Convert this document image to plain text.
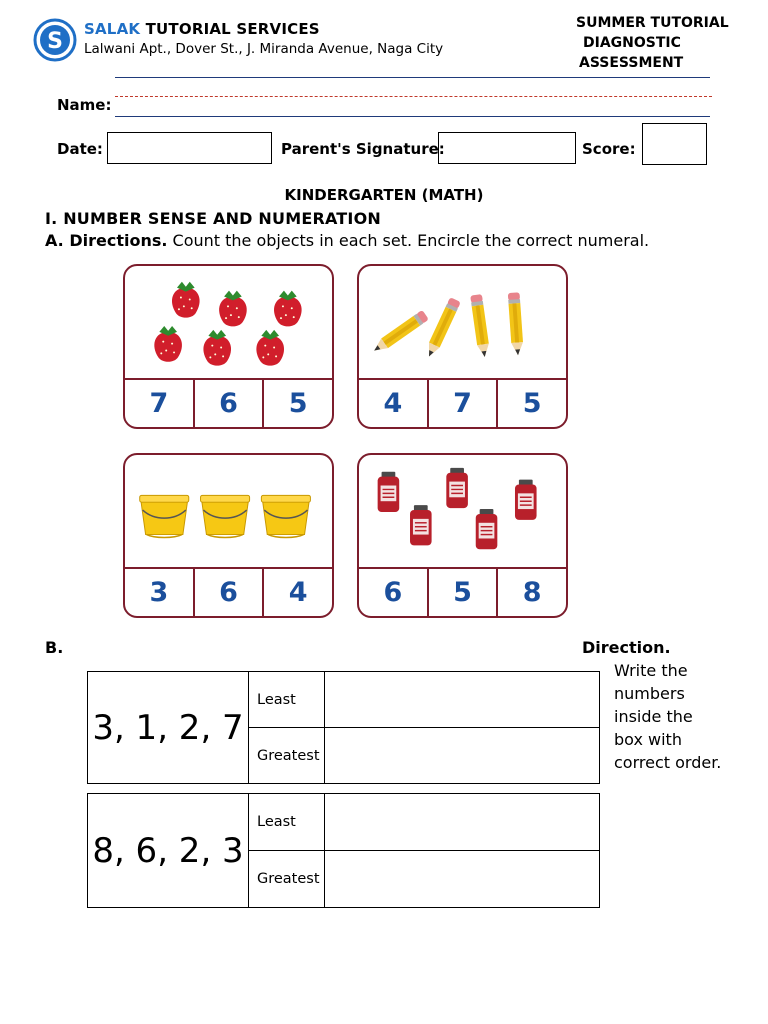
S SALAK TUTORIAL SERVICES
Lalwani Apt., Dover St., J. Miranda Avenue, Naga City
SUMMER TUTORIAL
DIAGNOSTIC
ASSESSMENT
Name:
Date:	Parent's Signature:	Score:
KINDERGARTEN (MATH)
I. NUMBER SENSE AND NUMERATION
A. Directions. Count the objects in each set. Encircle the correct numeral.
7	6	5	4	7	5
3	6	4	6	5	8
B.	Direction.
Write the numbers inside the box with correct order.
3, 1, 2, 7	Least	
	Greatest	
8, 6, 2, 3	Least	
	Greatest	
